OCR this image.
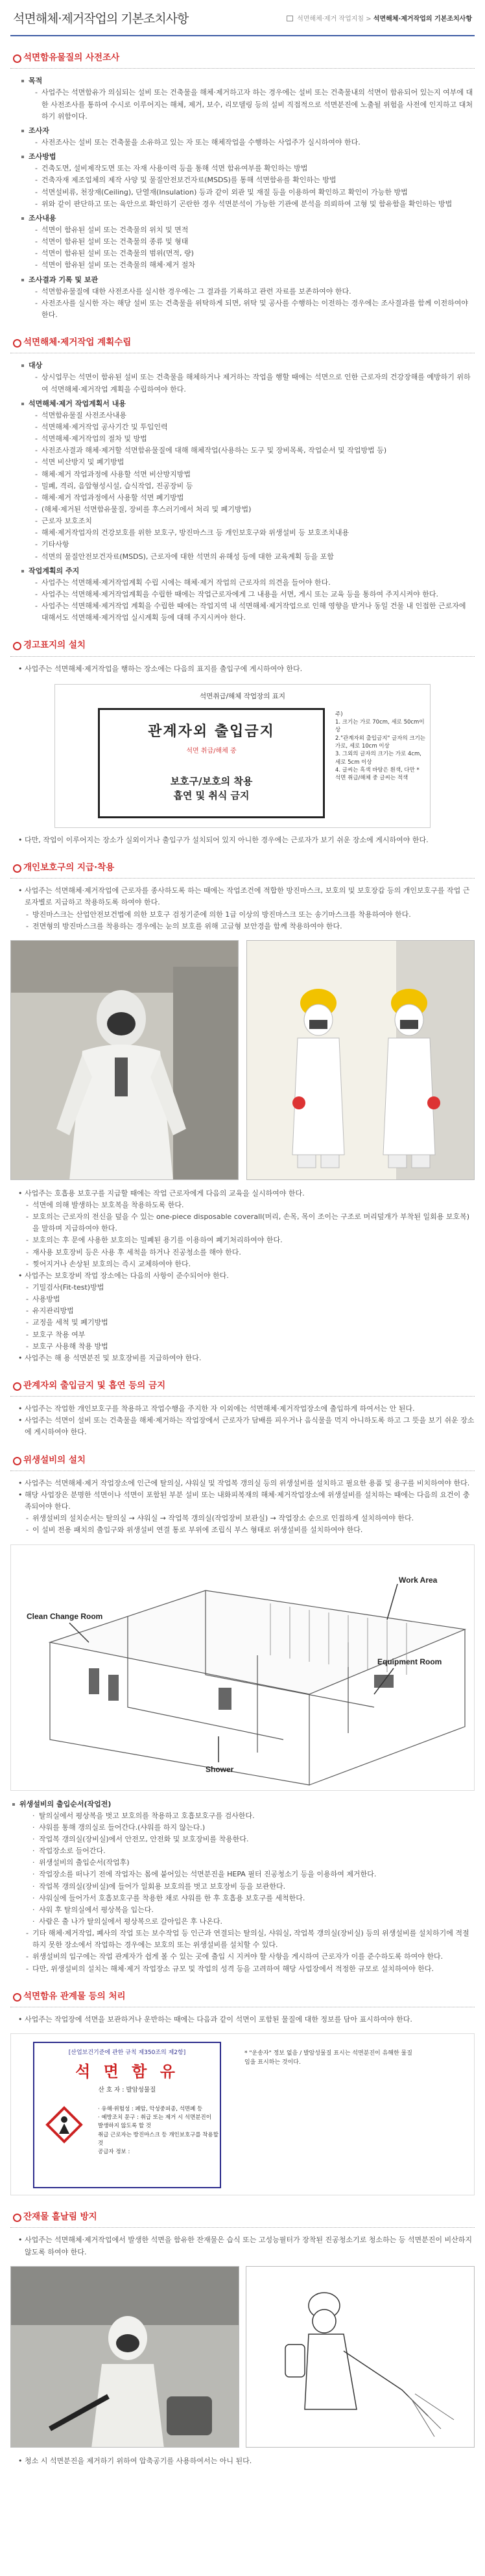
석면해체·제거작업의 기본조치사항	석면해체·제거 작업지침 > 석면해체·제거작업의 기본조치사항
석면함유물질의 사전조사
목적
- 사업주는 석면함유가 의심되는 설비 또는 건축물을 해체·제거하고자 하는 경우에는 설비 또는 건축물내의 석면이 함유되어 있는지 여부에 대한 사전조사를 통하여 수시로 이루어지는 해체, 제거, 보수, 리모델링 등의 설비 직접적으로 석면분진에 노출될 위험을 사전에 인지하고 대처하기 위함이다.
조사자
- 사전조사는 설비 또는 건축물을 소유하고 있는 자 또는 해체작업을 수행하는 사업주가 실시하여야 한다.
조사방법
- 건축도면, 설비제작도면 또는 자재 사용이력 등을 통해 석면 함유여부를 확인하는 방법
- 건축자재 제조업체의 제작 사양 및 물질안전보건자료(MSDS)를 통해 석면함유를 확인하는 방법
- 석면설비류, 천장재(Ceiling), 단열재(Insulation) 등과 같이 외관 및 재질 등을 이용하여 확인하고 확인이 가능한 방법
- 위와 같이 판단하고 또는 육안으로 확인하기 곤란한 경우 석면분석이 가능한 기관에 분석을 의뢰하여 고형 및 함유함을 확인하는 방법
조사내용
- 석면이 함유된 설비 또는 건축물의 위치 및 면적
- 석면이 함유된 설비 또는 건축물의 종류 및 형태
- 석면이 함유된 설비 또는 건축물의 범위(면적, 량)
- 석면이 함유된 설비 또는 건축물의 해체·제거 절차
조사결과 기록 및 보관
- 석면함유물질에 대한 사전조사를 실시한 경우에는 그 결과를 기록하고 관련 자료를 보존하여야 한다.
- 사전조사를 실시한 자는 해당 설비 또는 건축물을 위탁하게 되면, 위탁 및 공사를 수행하는 이전하는 경우에는 조사결과를 함께 이전하여야 한다.
석면해체·제거작업 계획수립
대상
- 상시업무는 석면이 함유된 설비 또는 건축물을 해체하거나 제거하는 작업을 행할 때에는 석면으로 인한 근로자의 건강장해를 예방하기 위하여 석면해체·제거작업 계획을 수립하여야 한다.
석면해체·제거 작업계획서 내용
- 석면함유물질 사전조사내용
- 석면해체·제거작업 공사기간 및 투입인력
- 석면해체·제거작업의 절차 및 방법
- 사전조사결과 해체·제거할 석면함유물질에 대해 해체작업(사용하는 도구 및 장비목록, 작업순서 및 작업방법 등)
- 석면 비산방지 및 폐기방법
- 해체·제거 작업과정에 사용할 석면 비산방지방법
- 밀폐, 격리, 음압형성시설, 습식작업, 진공장비 등
- 해체·제거 작업과정에서 사용할 석면 폐기방법
- (해체·제거된 석면함유물질, 장비를 후스러기에서 처리 및 폐기방법)
- 근로자 보호조치
- 해체·제거작업자의 건강보호를 위한 보호구, 방진마스크 등 개인보호구와 위생설비 등 보호조치내용
- 기타사항
- 석면의 물질안전보건자료(MSDS), 근로자에 대한 석면의 유해성 등에 대한 교육계획 등을 포함
작업계획의 주지
- 사업주는 석면해체·제거작업계획 수립 시에는 해체·제거 작업의 근로자의 의견을 들어야 한다.
- 사업주는 석면해체·제거작업계획을 수립한 때에는 작업근로자에게 그 내용을 서면, 게시 또는 교육 등을 통하여 주지시켜야 한다.
- 사업주는 석면해체·제거작업 계획을 수립한 때에는 작업지역 내 석면해체·제거작업으로 인해 영향을 받거나 동일 건물 내 인접한 근로자에 대해서도 석면해체·제거작업 실시계획 등에 대해 주지시켜야 한다.
경고표지의 설치

• 사업주는 석면해체·제거작업을 행하는 장소에는 다음의 표지를 출입구에 게시하여야 한다.

석면취급/해체 작업장의 표지
관계자외 출입금지
석면 취급/해체 중
보호구/보호의 착용
흡연 및 취식 금지
주)
1. 크기는 가로 70cm, 세로 50cm이상
2."관계자외 출입금지" 글자의 크기는 가로, 세로 10cm 이상
3. 그외의 글자의 크기는 가로 4cm, 세로 5cm 이상
4. 글씨는 흑색 바탕은 흰색, 다만 * 석면 취급/해체 중 글씨는 적색

• 다만, 작업이 이루어지는 장소가 실외이거나 출입구가 설치되어 있지 아니한 경우에는 근로자가 보기 쉬운 장소에 게시하여야 한다.

개인보호구의 지급·착용

• 사업주는 석면해체·제거작업에 근로자를 종사하도록 하는 때에는 작업조건에 적합한 방진마스크, 보호의 및 보호장갑 등의 개인보호구를 작업 근로자별로 지급하고 착용하도록 하여야 한다.

- 방진마스크는 산업안전보건법에 의한 보호구 검정기준에 의한 1급 이상의 방진마스크 또는 송기마스크를 착용하여야 한다.
- 전면형의 방진마스크를 착용하는 경우에는 눈의 보호를 위해 고글형 보안경을 함께 착용하여야 한다.

• 사업주는 호흡용 보호구를 지급할 때에는 작업 근로자에게 다음의 교육을 실시하여야 한다.

- 석면에 의해 발생하는 보호복을 착용하도록 한다.
- 보호의는 근로자의 전신을 덮을 수 있는 one-piece disposable coverall(머리, 손목, 목이 조이는 구조로 머리덮개가 부착된 일회용 보호복)을 말하며 지급하여야 한다.
- 보호의는 후 문에 사용한 보호의는 밀폐된 용기를 이용하여 폐기처리하여야 한다.
- 재사용 보호장비 등은 사용 후 세척을 하거나 진공청소를 해야 한다.
- 찢어지거나 손상된 보호의는 즉시 교체하여야 한다.

• 사업주는 보호장비 작업 장소에는 다음의 사항이 준수되어야 한다.

- 기밀검사(Fit-test)방법
- 사용방법
- 유지관리방법
- 교정을 세척 및 폐기방법
- 보호구 착용 여부
- 보호구 사용해 착용 방법

• 사업주는 해 용 석면분진 및 보호장비를 지급하여야 한다.

관계자외 출입금지 및 흡연 등의 금지

• 사업주는 작업한 개인보호구를 착용하고 작업수행을 주지한 자 이외에는 석면해체·제거작업장소에 출입하게 하여서는 안 된다.

• 사업주는 석면이 설비 또는 건축물을 해체·제거하는 작업장에서 근로자가 담배를 피우거나 음식물을 먹지 아니하도록 하고 그 뜻을 보기 쉬운 장소에 게시하여야 한다.

위생설비의 설치

• 사업주는 석면해체·제거 작업장소에 인근에 탈의실, 샤워실 및 작업복 갱의실 등의 위생설비를 설치하고 필요한 용품 및 용구를 비치하여야 한다.

• 해당 사업장은 분명한 석면이나 석면이 포함된 부분 설비 또는 내화피복재의 해체·제거작업장소에 위생설비를 설치하는 때에는 다음의 요건이 충족되어야 한다.

- 위생설비의 설치순서는 탈의실 → 샤워실 → 작업복 갱의실(작업장비 보관실) → 작업장소 순으로 인접하게 설치하여야 한다.
- 이 설비 전용 패치의 출입구와 위생설비 연결 통로 부위에 조립식 부스 형태로 위생설비를 설치하여야 한다.
Work Area
Clean Change Room
Shower
Equipment Room
위생설비의 출입순서(작업전)
· 탈의실에서 평상복을 벗고 보호의를 착용하고 호흡보호구를 검사한다.
· 샤워를 통해 갱의실로 들어간다.(샤워를 하지 않는다.)
· 작업복 갱의실(장비실)에서 안전모, 안전화 및 보호장비를 착용한다.
· 작업장소로 들어간다.
· 위생설비의 출입순서(작업후)
· 작업장소를 떠나기 전에 작업자는 몸에 붙어있는 석면분진을 HEPA 필터 진공청소기 등을 이용하여 제거한다.
· 작업복 갱의실(장비실)에 들어가 일회용 보호의를 벗고 보호장비 등을 보관한다.
· 샤워실에 들어가서 호흡보호구를 착용한 채로 샤워를 한 후 호흡용 보호구를 세척한다.
· 샤워 후 탈의실에서 평상복을 입는다.
· 사람은 출 나가 탈의실에서 평상복으로 갈아입은 후 나온다.
- 기타 해체·제거작업, 폐사의 작업 또는 보수작업 등 인근과 연결되는 탈의실, 샤워실, 작업복 갱의실(장비실) 등의 위생설비를 설치하기에 적절하지 못한 장소에서 작업하는 경우에는 보호의 또는 위생설비를 설치할 수 있다.
- 위생설비의 입구에는 작업 관계자가 쉽게 볼 수 있는 곳에 출입 시 지켜야 할 사항을 게시하여 근로자가 이를 준수하도록 하여야 한다.
- 다만, 위생설비의 설치는 해체·제거 작업장소 규모 및 작업의 성격 등을 고려하여 해당 사업장에서 적정한 규모로 설치하여야 한다.
석면함유 관계물 등의 처리

• 사업주는 작업장에 석면을 보관하거나 운반하는 때에는 다음과 같이 석면이 포함된 물질에 대한 정보를 담아 표시하여야 한다.

[산업보건기준에 관한 규칙 제350조의 제2항]
석 면 함 유
산 호 자 : 발암성물질
· 유해·위험성 : 폐암, 악성중피종, 석면폐 등
· 예방조치 문구 : 취급 또는 제거 시 석면분진이
발생하지 않도록 할 것
취급 근로자는 방진마스크 등 개인보호구를 착용할 것
공급자 정보 :
* "운송자" 정보 없음 / 발암성물질 표시는 석면분진이 유해한 물질임을 표시하는 것이다.
잔재물 흩날림 방지

• 사업주는 석면해체·제거작업에서 발생한 석면을 함유한 잔재물은 습식 또는 고성능필터가 장착된 진공청소기로 청소하는 등 석면분진이 비산하지 않도록 하여야 한다.

• 청소 시 석면분진을 제거하기 위하여 압축공기를 사용하여서는 아니 된다.
